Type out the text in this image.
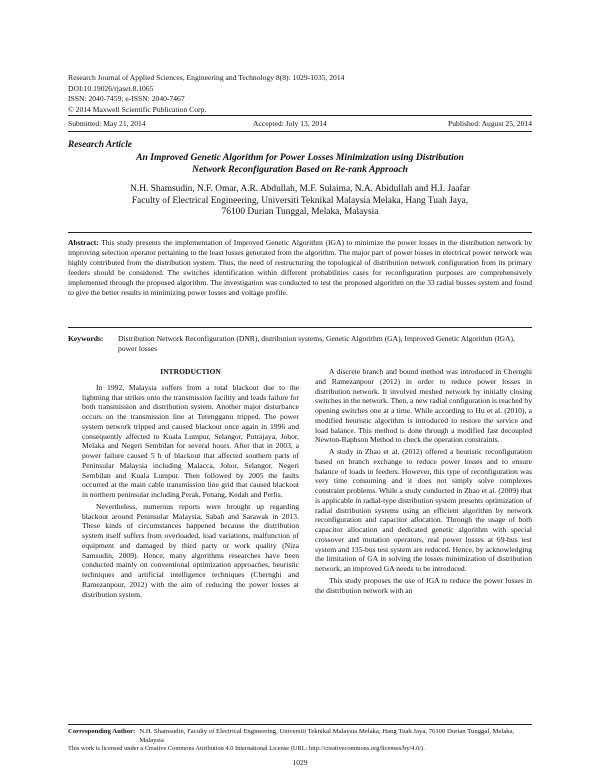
Research Journal of Applied Sciences, Engineering and Technology 8(8): 1029-1035, 2014
DOI:10.19026/rjaset.8.1065
ISSN: 2040-7459; e-ISSN: 2040-7467
© 2014 Maxwell Scientific Publication Corp.
Submitted: May 21, 2014	Accepted: July 13, 2014	Published: August 25, 2014
Research Article
An Improved Genetic Algorithm for Power Losses Minimization using Distribution
Network Reconfiguration Based on Re-rank Approach
N.H. Shamsudin, N.F. Omar, A.R. Abdullah, M.F. Sulaima, N.A. Abidullah and H.I. Jaafar
Faculty of Electrical Engineering, Universiti Teknikal Malaysia Melaka, Hang Tuah Jaya,
76100 Durian Tunggal, Melaka, Malaysia
Abstract: This study presents the implementation of Improved Genetic Algorithm (IGA) to minimize the power losses in the distribution network by improving selection operator pertaining to the least losses generated from the algorithm. The major part of power losses in electrical power network was highly contributed from the distribution system. Thus, the need of restructuring the topological of distribution network configuration from its primary feeders should be considered. The switches identification within different probabilities cases for reconfiguration purposes are comprehensively implemented through the proposed algorithm. The investigation was conducted to test the proposed algorithm on the 33 radial busses system and found to give the better results in minimizing power losses and voltage profile.
Keywords: Distribution Network Reconfiguration (DNR), distribution systems, Genetic Algorithm (GA), Improved Genetic Algorithm (IGA), power losses
INTRODUCTION

In 1992, Malaysia suffers from a total blackout due to the lightning that strikes onto the transmission facility and leads failure for both transmission and distribution system. Another major disturbance occurs on the transmission line at Terengganu tripped. The power system network tripped and caused blackout once again in 1996 and consequently affected to Kuala Lumpur, Selangor, Putrajaya, Johor, Melaka and Negeri Sembilan for several hours. After that in 2003, a power failure caused 5 h of blackout that affected southern parts of Peninsular Malaysia including Malacca, Johor, Selangor, Negeri Sembilan and Kuala Lumpur. Then followed by 2005 the faults occurred at the main cable transmission line grid that caused blackout in northern peninsular including Perak, Penang, Kedah and Perlis.

Nevertheless, numerous reports were brought up regarding blackout around Peninsular Malaysia, Sabah and Sarawak in 2013. These kinds of circumstances happened because the distribution system itself suffers from overloaded, load variations, malfunction of equipment and damaged by third party or work quality (Niza Samsudin, 2009). Hence, many algorithms researches have been conducted mainly on conventional optimization approaches, heuristic techniques and artificial intelligence techniques (Chernghi and Ramezanpour, 2012) with the aim of reducing the power losses at distribution system.

A discrete branch and bound method was introduced in Chernghi and Ramezanpour (2012) in order to reduce power losses in distribution network. It involved meshed network by initially closing switches in the network. Then, a new radial configuration is reached by opening switches one at a time. While according to Hu et al. (2010), a modified heuristic algorithm is introduced to restore the service and load balance. This method is done through a modified fast decoupled Newton-Raphson Method to check the operation constraints.

A study in Zhao et al. (2012) offered a heuristic reconfiguration based on branch exchange to reduce power losses and to ensure balance of loads in feeders. However, this type of reconfiguration was very time consuming and it does not simply solve complexes constraint problems. While a study conducted in Zhao et al. (2009) that is applicable in radial-type distribution system presents optimization of radial distribution systems using an efficient algorithm by network reconfiguration and capacitor allocation. Through the usage of both capacitor allocation and dedicated genetic algorithm with special crossover and mutation operators, real power losses at 69-bus test system and 135-bus test system are reduced. Hence, by acknowledging the limitation of GA in solving the losses minimization of distribution network, an improved GA needs to be introduced.

This study proposes the use of IGA to reduce the power losses in the distribution network with an

Corresponding Author: N.H. Shamsudin, Faculty of Electrical Engineering, Universiti Teknikal Malaysia Melaka, Hang Tuah Jaya, 76100 Durian Tunggal, Melaka, Malaysia
This work is licensed under a Creative Commons Attribution 4.0 International License (URL: http://creativecommons.org/licenses/by/4.0/).
1029
